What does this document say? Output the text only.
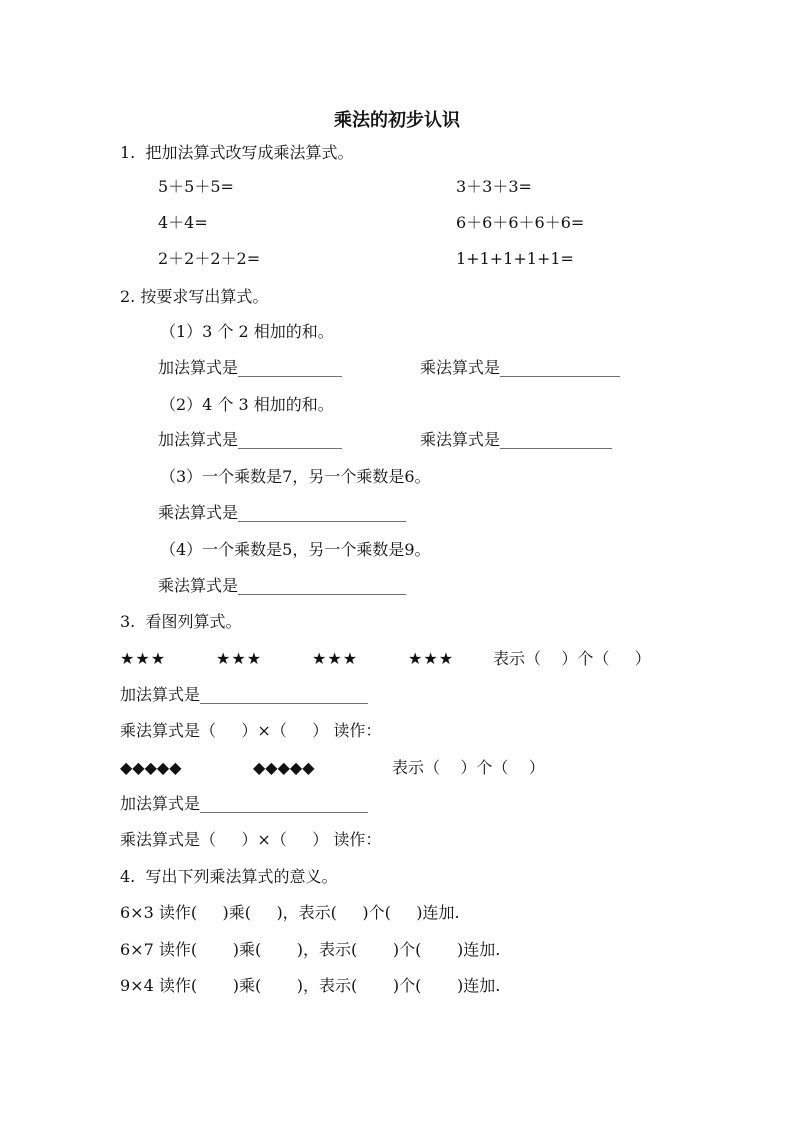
乘法的初步认识
1.  把加法算式改写成乘法算式。
5＋5＋5=	3＋3＋3=
4＋4=	6＋6＋6＋6＋6=
2＋2＋2＋2=	1+1+1+1+1=
2. 按要求写出算式。
（1）3 个 2 相加的和。
加法算式是_____________	乘法算式是_______________
（2）4 个 3 相加的和。
加法算式是_____________	乘法算式是______________
（3）一个乘数是7，另一个乘数是6。
乘法算式是_____________________
（4）一个乘数是5，另一个乘数是9。
乘法算式是_____________________
3.  看图列算式。
★★★	★★★	★★★	★★★ 表示（    ）个（     ）
加法算式是_____________________
乘法算式是（     ）×（     ） 读作：
◆◆◆◆◆	◆◆◆◆◆	表示（    ）个（    ）
加法算式是_____________________
乘法算式是（     ）×（     ） 读作：
4.  写出下列乘法算式的意义。
6×3 读作(     )乘(     )，表示(     )个(     )连加.
6×7 读作(       )乘(       )，表示(       )个(       )连加.
9×4 读作(       )乘(       )，表示(       )个(       )连加.
